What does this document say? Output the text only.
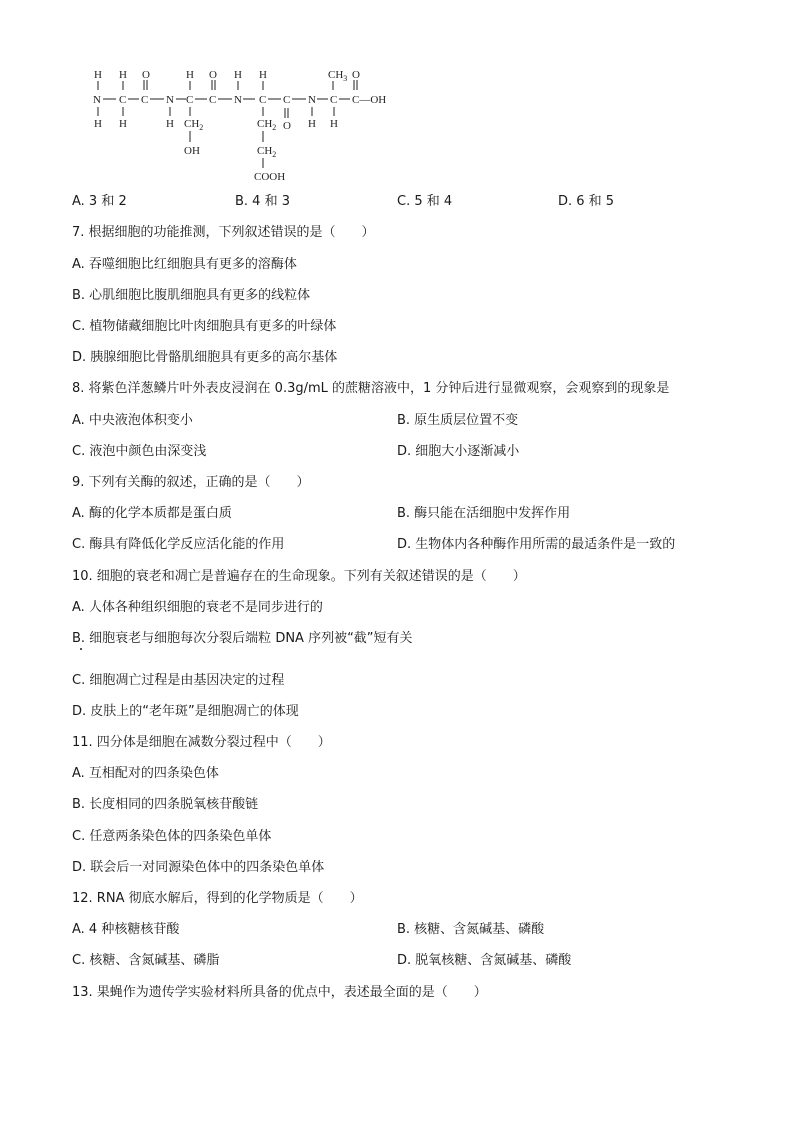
H H O
N C C
H H
N
H
H
C
O
C
$CH_2$
OH
H
N
H
C C
O
$CH_2$
$CH_2$
COOH
N
H
$CH_3$
C
H
O
C—OH
A. 3 和 2	B. 4 和 3	C. 5 和 4	D. 6 和 5
7. 根据细胞的功能推测，下列叙述错误的是（　　）
A. 吞噬细胞比红细胞具有更多的溶酶体
B. 心肌细胞比腹肌细胞具有更多的线粒体
C. 植物储藏细胞比叶肉细胞具有更多的叶绿体
D. 胰腺细胞比骨骼肌细胞具有更多的高尔基体
8. 将紫色洋葱鳞片叶外表皮浸润在 0.3g/mL 的蔗糖溶液中，1 分钟后进行显微观察，会观察到的现象是
A. 中央液泡体积变小	B. 原生质层位置不变
C. 液泡中颜色由深变浅	D. 细胞大小逐渐减小
9. 下列有关酶的叙述，正确的是（　　）
A. 酶的化学本质都是蛋白质	B. 酶只能在活细胞中发挥作用
C. 酶具有降低化学反应活化能的作用	D. 生物体内各种酶作用所需的最适条件是一致的
10. 细胞的衰老和凋亡是普遍存在的生命现象。下列有关叙述错误的是（　　）
A. 人体各种组织细胞的衰老不是同步进行的
B. 细胞衰老与细胞每次分裂后端粒 DNA 序列被“截”短有关
C. 细胞凋亡过程是由基因决定的过程
D. 皮肤上的“老年斑”是细胞凋亡的体现
11. 四分体是细胞在减数分裂过程中（　　）
A. 互相配对的四条染色体
B. 长度相同的四条脱氧核苷酸链
C. 任意两条染色体的四条染色单体
D. 联会后一对同源染色体中的四条染色单体
12. RNA 彻底水解后，得到的化学物质是（　　）
A. 4 种核糖核苷酸	B. 核糖、含氮碱基、磷酸
C. 核糖、含氮碱基、磷脂	D. 脱氧核糖、含氮碱基、磷酸
13. 果蝇作为遗传学实验材料所具备的优点中，表述最全面的是（　　）
